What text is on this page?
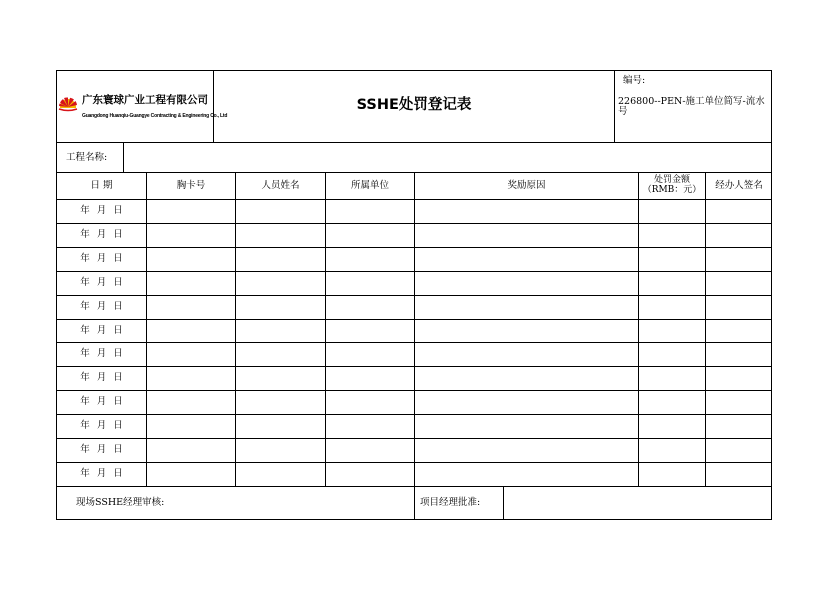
广东寰球广业工程有限公司
Guangdong Huanqiu-Guangye Contracting & Engineering Co., Ltd
SSHE处罚登记表
编号:
226800--PEN-施工单位简写-流水
号
工程名称:
日 期	胸卡号	人员姓名	所属单位	奖励原因	处罚金额
（RMB：元）	经办人签名
年 月 日
年 月 日
年 月 日
年 月 日
年 月 日
年 月 日
年 月 日
年 月 日
年 月 日
年 月 日
年 月 日
年 月 日
现场SSHE经理审核:	项目经理批准:
